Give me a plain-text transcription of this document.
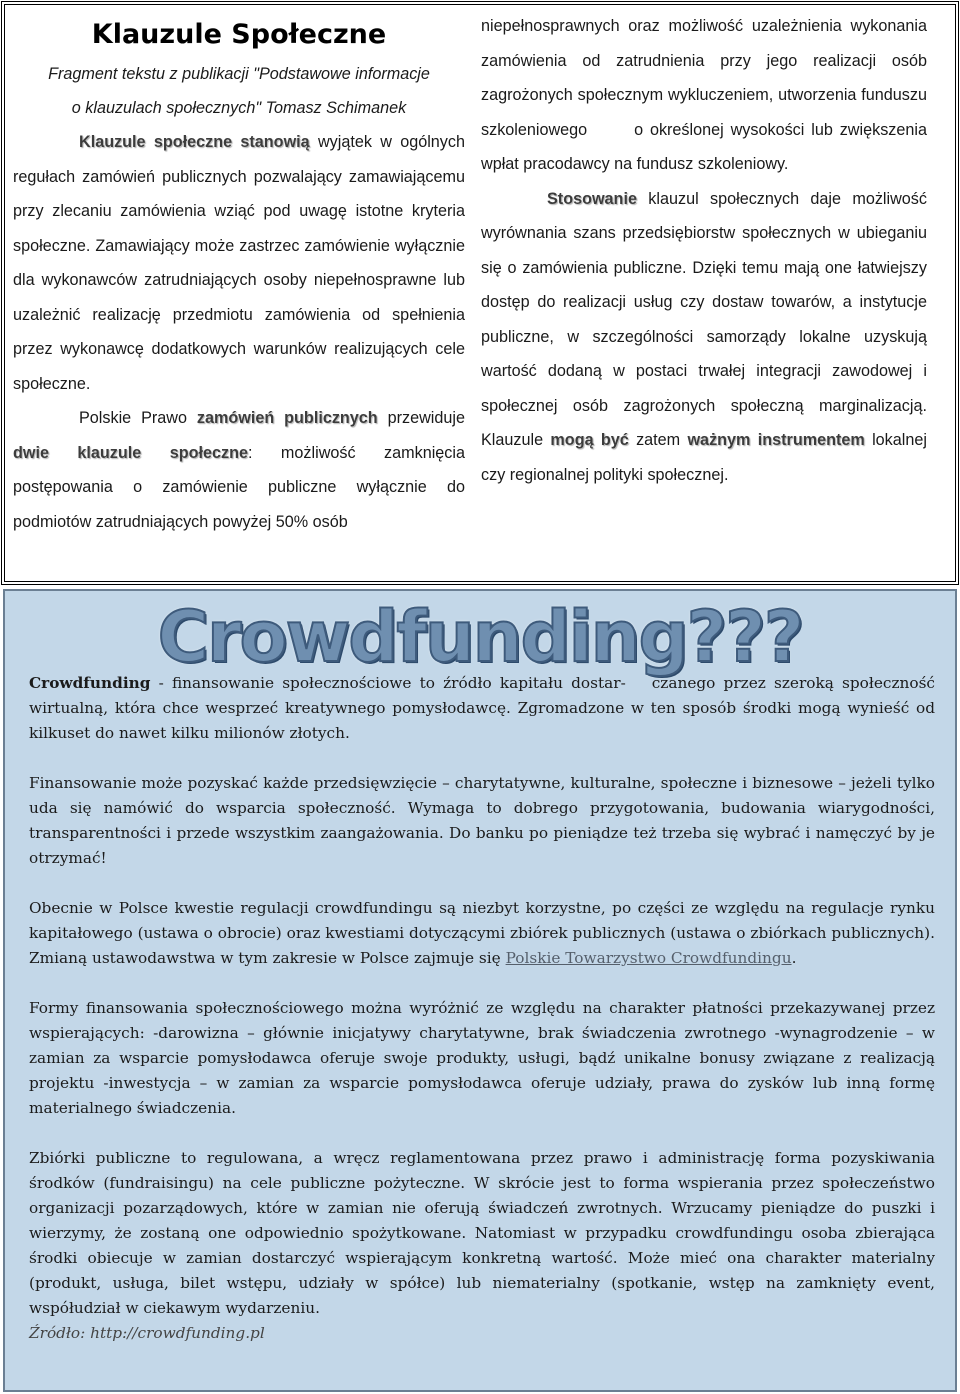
Klauzule Społeczne
Fragment tekstu z publikacji "Podstawowe informacje
o klauzulach społecznych" Tomasz Schimanek

Klauzule społeczne stanowią wyjątek w ogólnych regułach zamówień publicznych pozwalający zamawiającemu przy zlecaniu zamówienia wziąć pod uwagę istotne kryteria społeczne. Zamawiający może zastrzec zamówienie wyłącznie dla wykonawców zatrudniających osoby niepełnosprawne lub uzależnić realizację przedmiotu zamówienia od spełnienia przez wykonawcę dodatkowych warunków realizujących cele społeczne.

Polskie Prawo zamówień publicznych przewiduje dwie klauzule społeczne: możliwość zamknięcia postępowania o zamówienie publiczne wyłącznie do podmiotów zatrudniających powyżej 50% osób

Crowdfunding???

Crowdfunding - finansowanie społecznościowe to źródło kapitału dostar- czanego przez szeroką społeczność wirtualną, która chce wesprzeć kreatywnego pomysłodawcę. Zgromadzone w ten sposób środki mogą wynieść od kilkuset do nawet kilku milionów złotych.

Finansowanie może pozyskać każde przedsięwzięcie – charytatywne, kulturalne, społeczne i biznesowe – jeżeli tylko uda się namówić do wsparcia społeczność. Wymaga to dobrego przygotowania, budowania wiarygodności, transparentności i przede wszystkim zaangażowania. Do banku po pieniądze też trzeba się wybrać i namęczyć by je otrzymać!

Obecnie w Polsce kwestie regulacji crowdfundingu są niezbyt korzystne, po części ze względu na regulacje rynku kapitałowego (ustawa o obrocie) oraz kwestiami dotyczącymi zbiórek publicznych (ustawa o zbiórkach publicznych). Zmianą ustawodawstwa w tym zakresie w Polsce zajmuje się Polskie Towarzystwo Crowdfundingu.

Formy finansowania społecznościowego można wyróżnić ze względu na charakter płatności przekazywanej przez wspierających: -darowizna – głównie inicjatywy charytatywne, brak świadczenia zwrotnego -wynagrodzenie – w zamian za wsparcie pomysłodawca oferuje swoje produkty, usługi, bądź unikalne bonusy związane z realizacją projektu -inwestycja – w zamian za wsparcie pomysłodawca oferuje udziały, prawa do zysków lub inną formę materialnego świadczenia.

Zbiórki publiczne to regulowana, a wręcz reglamentowana przez prawo i administrację forma pozyskiwania środków (fundraisingu) na cele publiczne pożyteczne. W skrócie jest to forma wspierania przez społeczeństwo organizacji pozarządowych, które w zamian nie oferują świadczeń zwrotnych. Wrzucamy pieniądze do puszki i wierzymy, że zostaną one odpowiednio spożytkowane. Natomiast w przypadku crowdfundingu osoba zbierająca środki obiecuje w zamian dostarczyć wspierającym konkretną wartość. Może mieć ona charakter materialny (produkt, usługa, bilet wstępu, udziały w spółce) lub niematerialny (spotkanie, wstęp na zamknięty event, współudział w ciekawym wydarzeniu.

Źródło: http://crowdfunding.pl

niepełnosprawnych oraz możliwość uzależnienia wykonania zamówienia od zatrudnienia przy jego realizacji osób zagrożonych społecznym wykluczeniem, utworzenia funduszu szkoleniowego o określonej wysokości lub zwiększenia wpłat pracodawcy na fundusz szkoleniowy.

Stosowanie klauzul społecznych daje możliwość wyrównania szans przedsiębiorstw społecznych w ubieganiu się o zamówienia publiczne. Dzięki temu mają one łatwiejszy dostęp do realizacji usług czy dostaw towarów, a instytucje publiczne, w szczególności samorządy lokalne uzyskują wartość dodaną w postaci trwałej integracji zawodowej i społecznej osób zagrożonych społeczną marginalizacją. Klauzule mogą być zatem ważnym instrumentem lokalnej czy regionalnej polityki społecznej.
